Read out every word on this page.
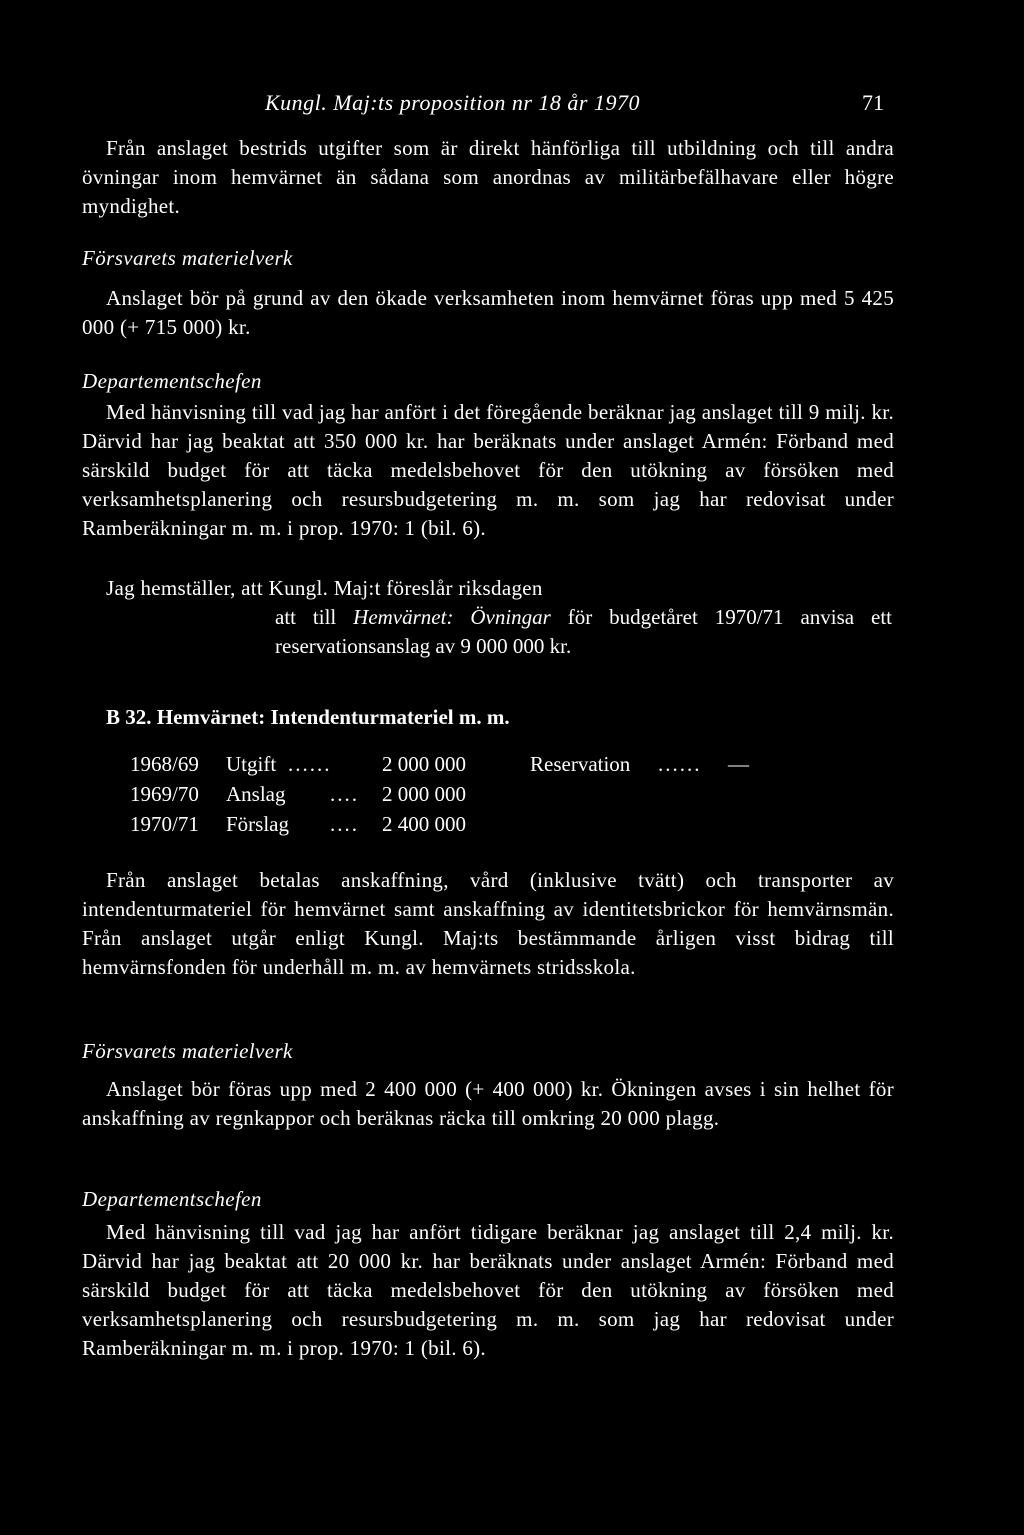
Kungl. Maj:ts proposition nr 18 år 1970	71

Från anslaget bestrids utgifter som är direkt hänförliga till utbildning och till andra övningar inom hemvärnet än sådana som anordnas av militärbefälhavare eller högre myndighet.

Försvarets materielverk

Anslaget bör på grund av den ökade verksamheten inom hemvärnet föras upp med 5 425 000 (+ 715 000) kr.

Departementschefen

Med hänvisning till vad jag har anfört i det föregående beräknar jag anslaget till 9 milj. kr. Därvid har jag beaktat att 350 000 kr. har beräknats under anslaget Armén: Förband med särskild budget för att täcka medelsbehovet för den utökning av försöken med verksamhetsplanering och resursbudgetering m. m. som jag har redovisat under Ramberäkningar m. m. i prop. 1970: 1 (bil. 6).

Jag hemställer, att Kungl. Maj:t föreslår riksdagen

att till Hemvärnet: Övningar för budgetåret 1970/71 anvisa ett reservationsanslag av 9 000 000 kr.

B 32. Hemvärnet: Intendenturmateriel m. m.
1968/69 Utgift ...... 2 000 000	Reservation ...... —
1969/70 Anslag .... 2 000 000
1970/71 Förslag .... 2 400 000

Från anslaget betalas anskaffning, vård (inklusive tvätt) och transporter av intendenturmateriel för hemvärnet samt anskaffning av identitetsbrickor för hemvärnsmän. Från anslaget utgår enligt Kungl. Maj:ts bestämmande årligen visst bidrag till hemvärnsfonden för underhåll m. m. av hemvärnets stridsskola.

Försvarets materielverk

Anslaget bör föras upp med 2 400 000 (+ 400 000) kr. Ökningen avses i sin helhet för anskaffning av regnkappor och beräknas räcka till omkring 20 000 plagg.

Departementschefen

Med hänvisning till vad jag har anfört tidigare beräknar jag anslaget till 2,4 milj. kr. Därvid har jag beaktat att 20 000 kr. har beräknats under anslaget Armén: Förband med särskild budget för att täcka medelsbehovet för den utökning av försöken med verksamhetsplanering och resursbudgetering m. m. som jag har redovisat under Ramberäkningar m. m. i prop. 1970: 1 (bil. 6).
